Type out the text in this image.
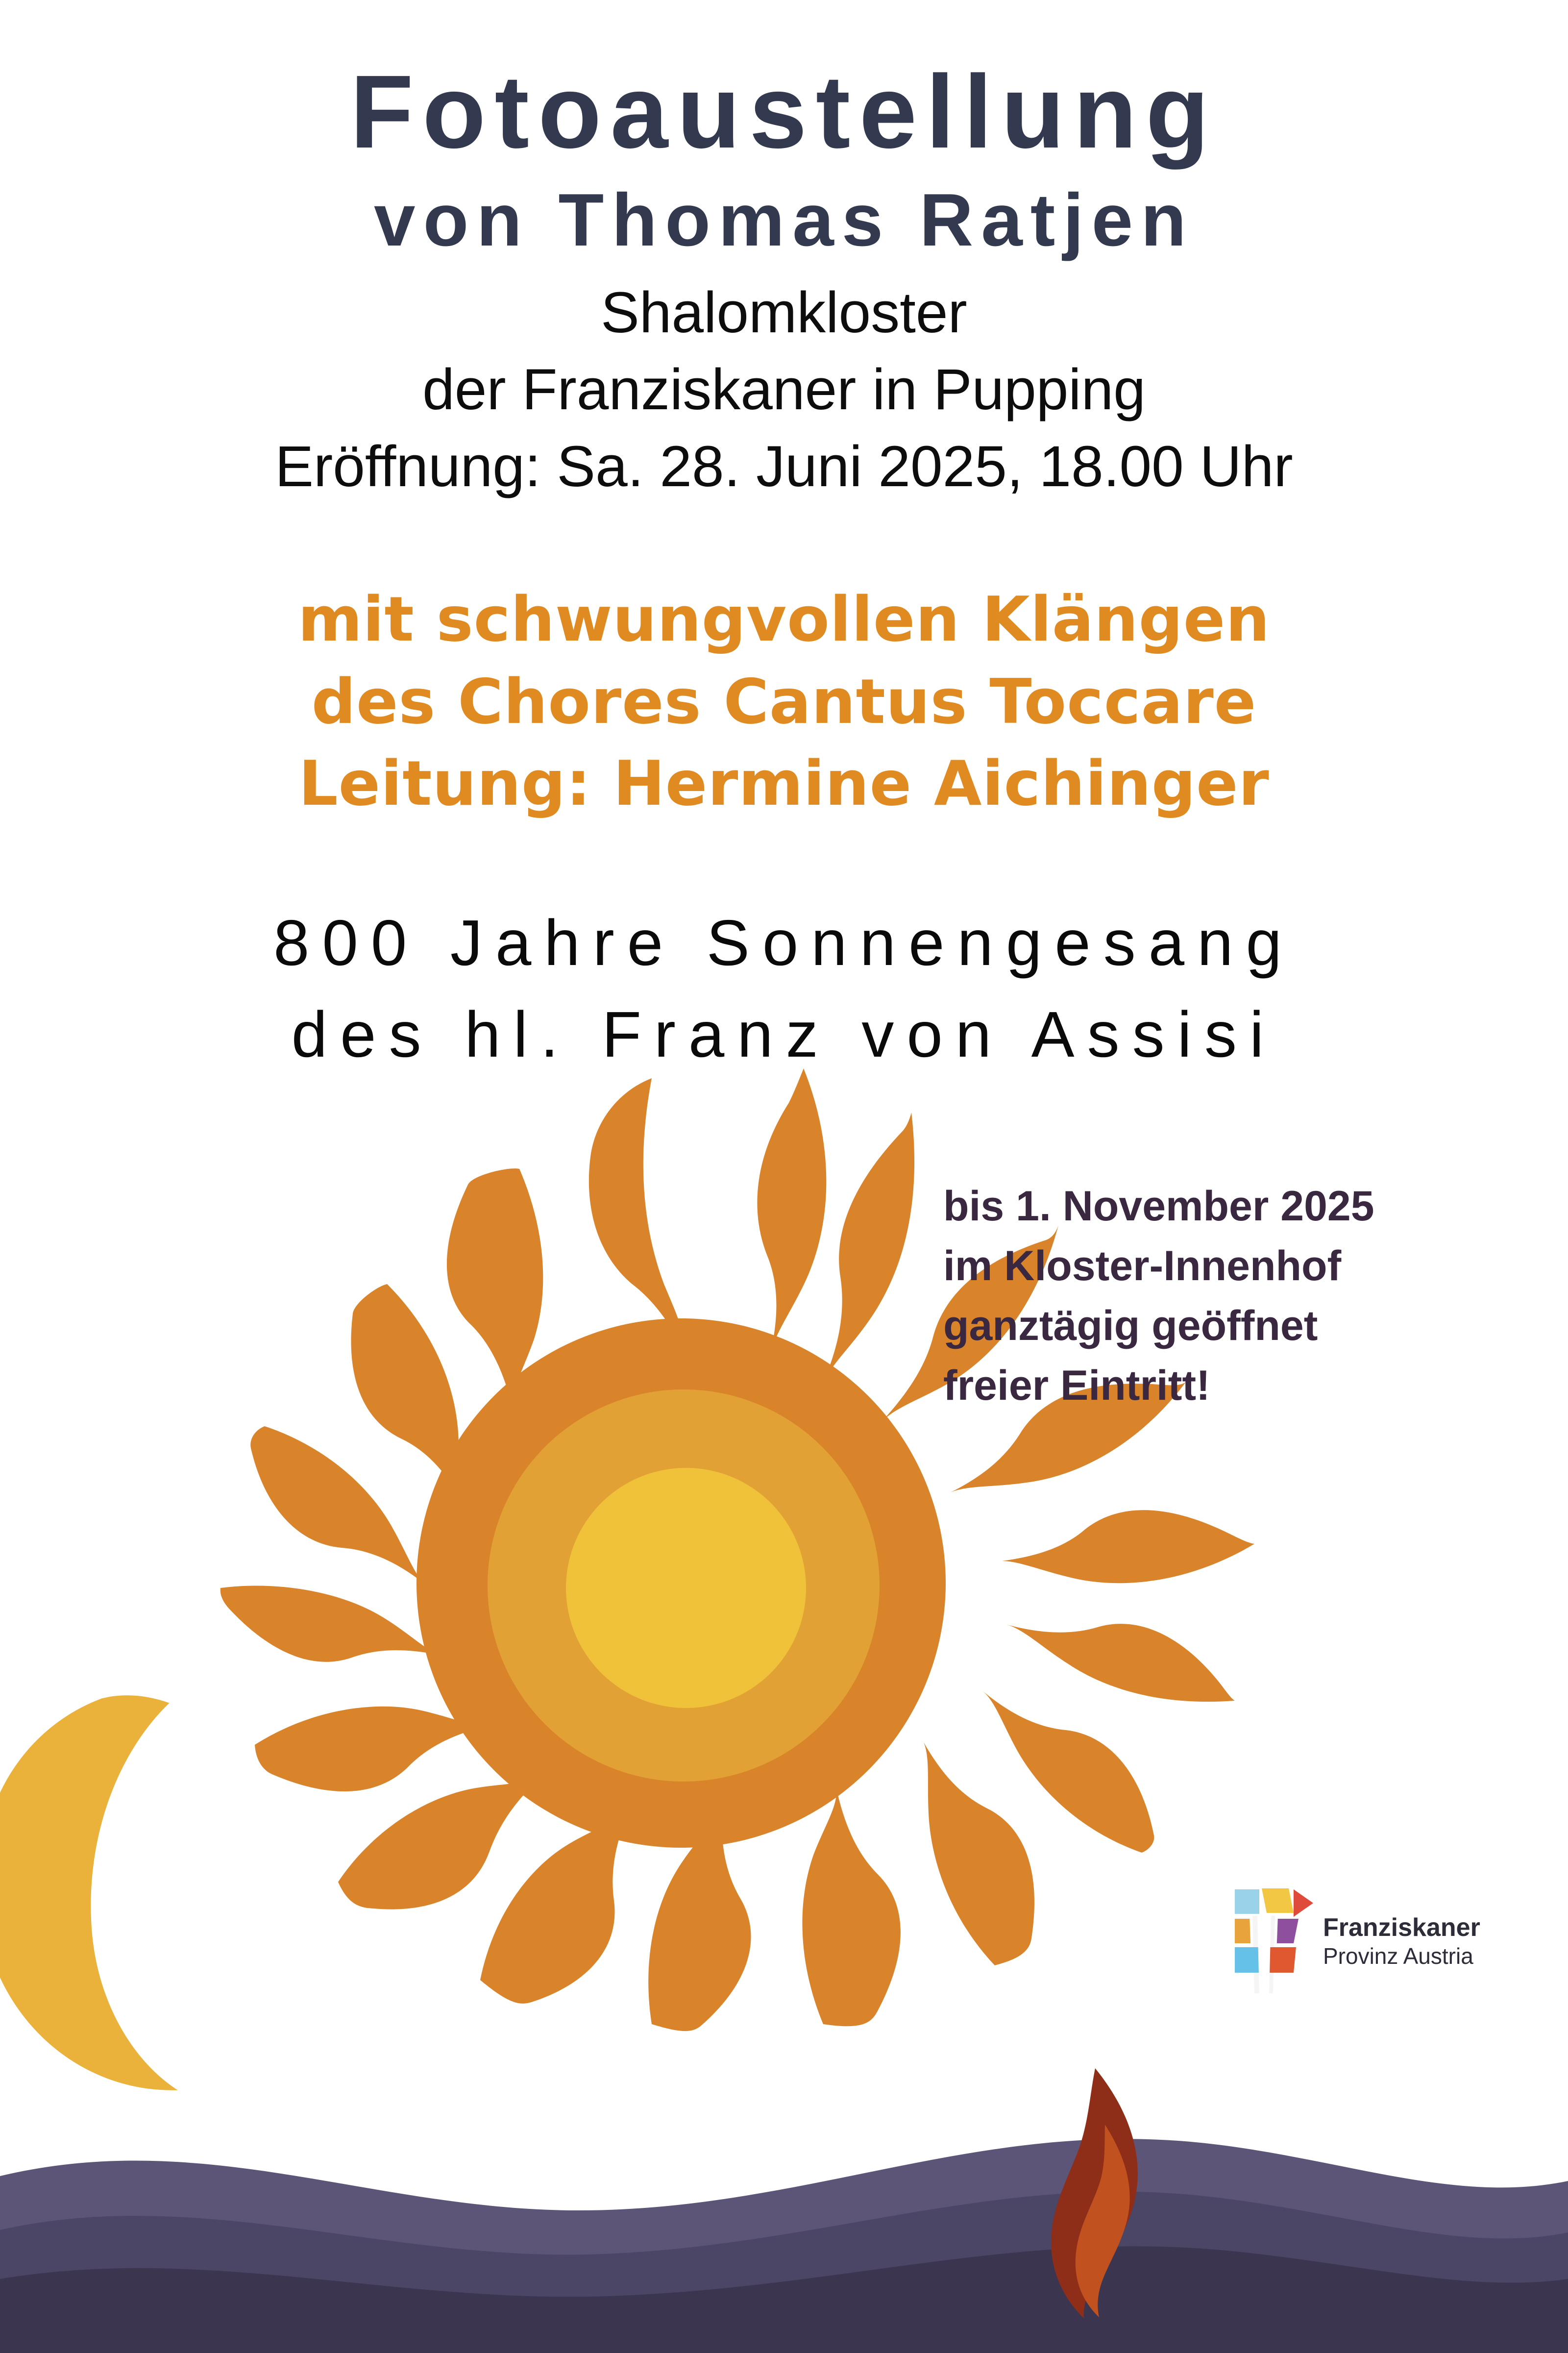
Fotoaustellung
von Thomas Ratjen
Shalomkloster
der Franziskaner in Pupping
Eröffnung: Sa. 28. Juni 2025, 18.00 Uhr
mit schwungvollen Klängen
des Chores Cantus Toccare
Leitung: Hermine Aichinger
800 Jahre Sonnengesang
des hl. Franz von Assisi
bis 1. November 2025
im Kloster-Innenhof
ganztägig geöffnet
freier Eintritt!
Franziskaner
Provinz Austria
